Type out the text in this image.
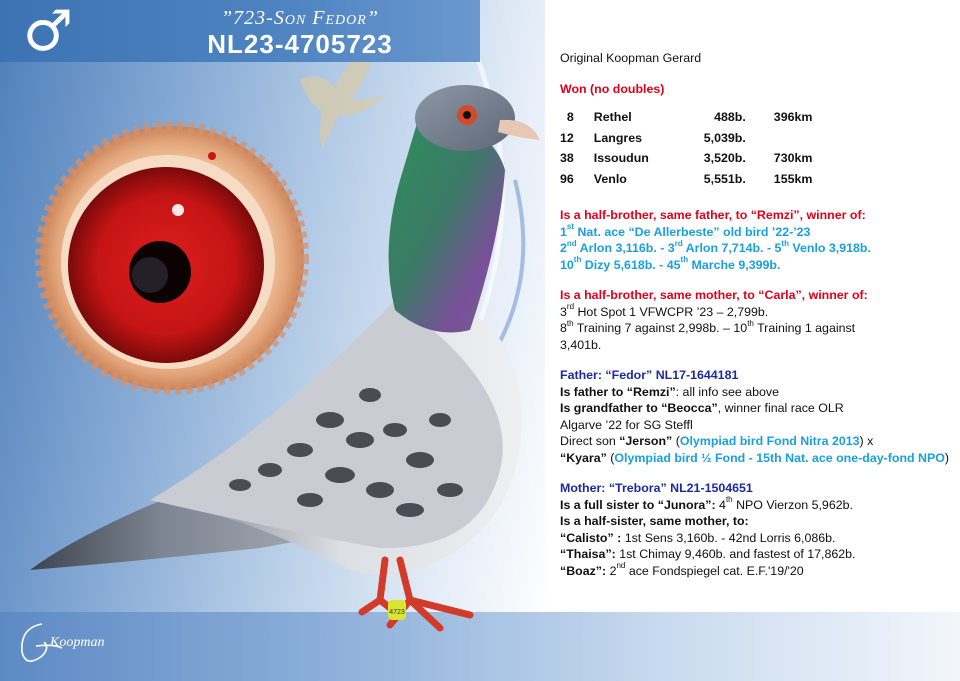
4723
♂	”723-Son Fedor”
NL23-4705723
Koopman
Original Koopman Gerard
Won (no doubles)
8	Rethel	488b.	396km
12	Langres	5,039b.	
38	Issoudun	3,520b.	730km
96	Venlo	5,551b.	155km
Is a half-brother, same father, to “Remzi”, winner of:
1st Nat. ace “De Allerbeste” old bird ’22-’23
2nd Arlon 3,116b. - 3rd Arlon 7,714b. - 5th Venlo 3,918b.
10th Dizy 5,618b. - 45th Marche 9,399b.
Is a half-brother, same mother, to “Carla”, winner of:
3rd Hot Spot 1 VFWCPR ’23 – 2,799b.
8th Training 7 against 2,998b. – 10th Training 1 against
3,401b.
Father: “Fedor” NL17-1644181
Is father to “Remzi”: all info see above
Is grandfather to “Beocca”, winner final race OLR
Algarve ’22 for SG Steffl
Direct son “Jerson” (Olympiad bird Fond Nitra 2013) x
“Kyara” (Olympiad bird ½ Fond - 15th Nat. ace one-day-fond NPO)
Mother: “Trebora” NL21-1504651
Is a full sister to “Junora”: 4th NPO Vierzon 5,962b.
Is a half-sister, same mother, to:
“Calisto” : 1st Sens 3,160b. - 42nd Lorris 6,086b.
“Thaisa”: 1st Chimay 9,460b. and fastest of 17,862b.
“Boaz”: 2nd ace Fondspiegel cat. E.F.'19/'20
